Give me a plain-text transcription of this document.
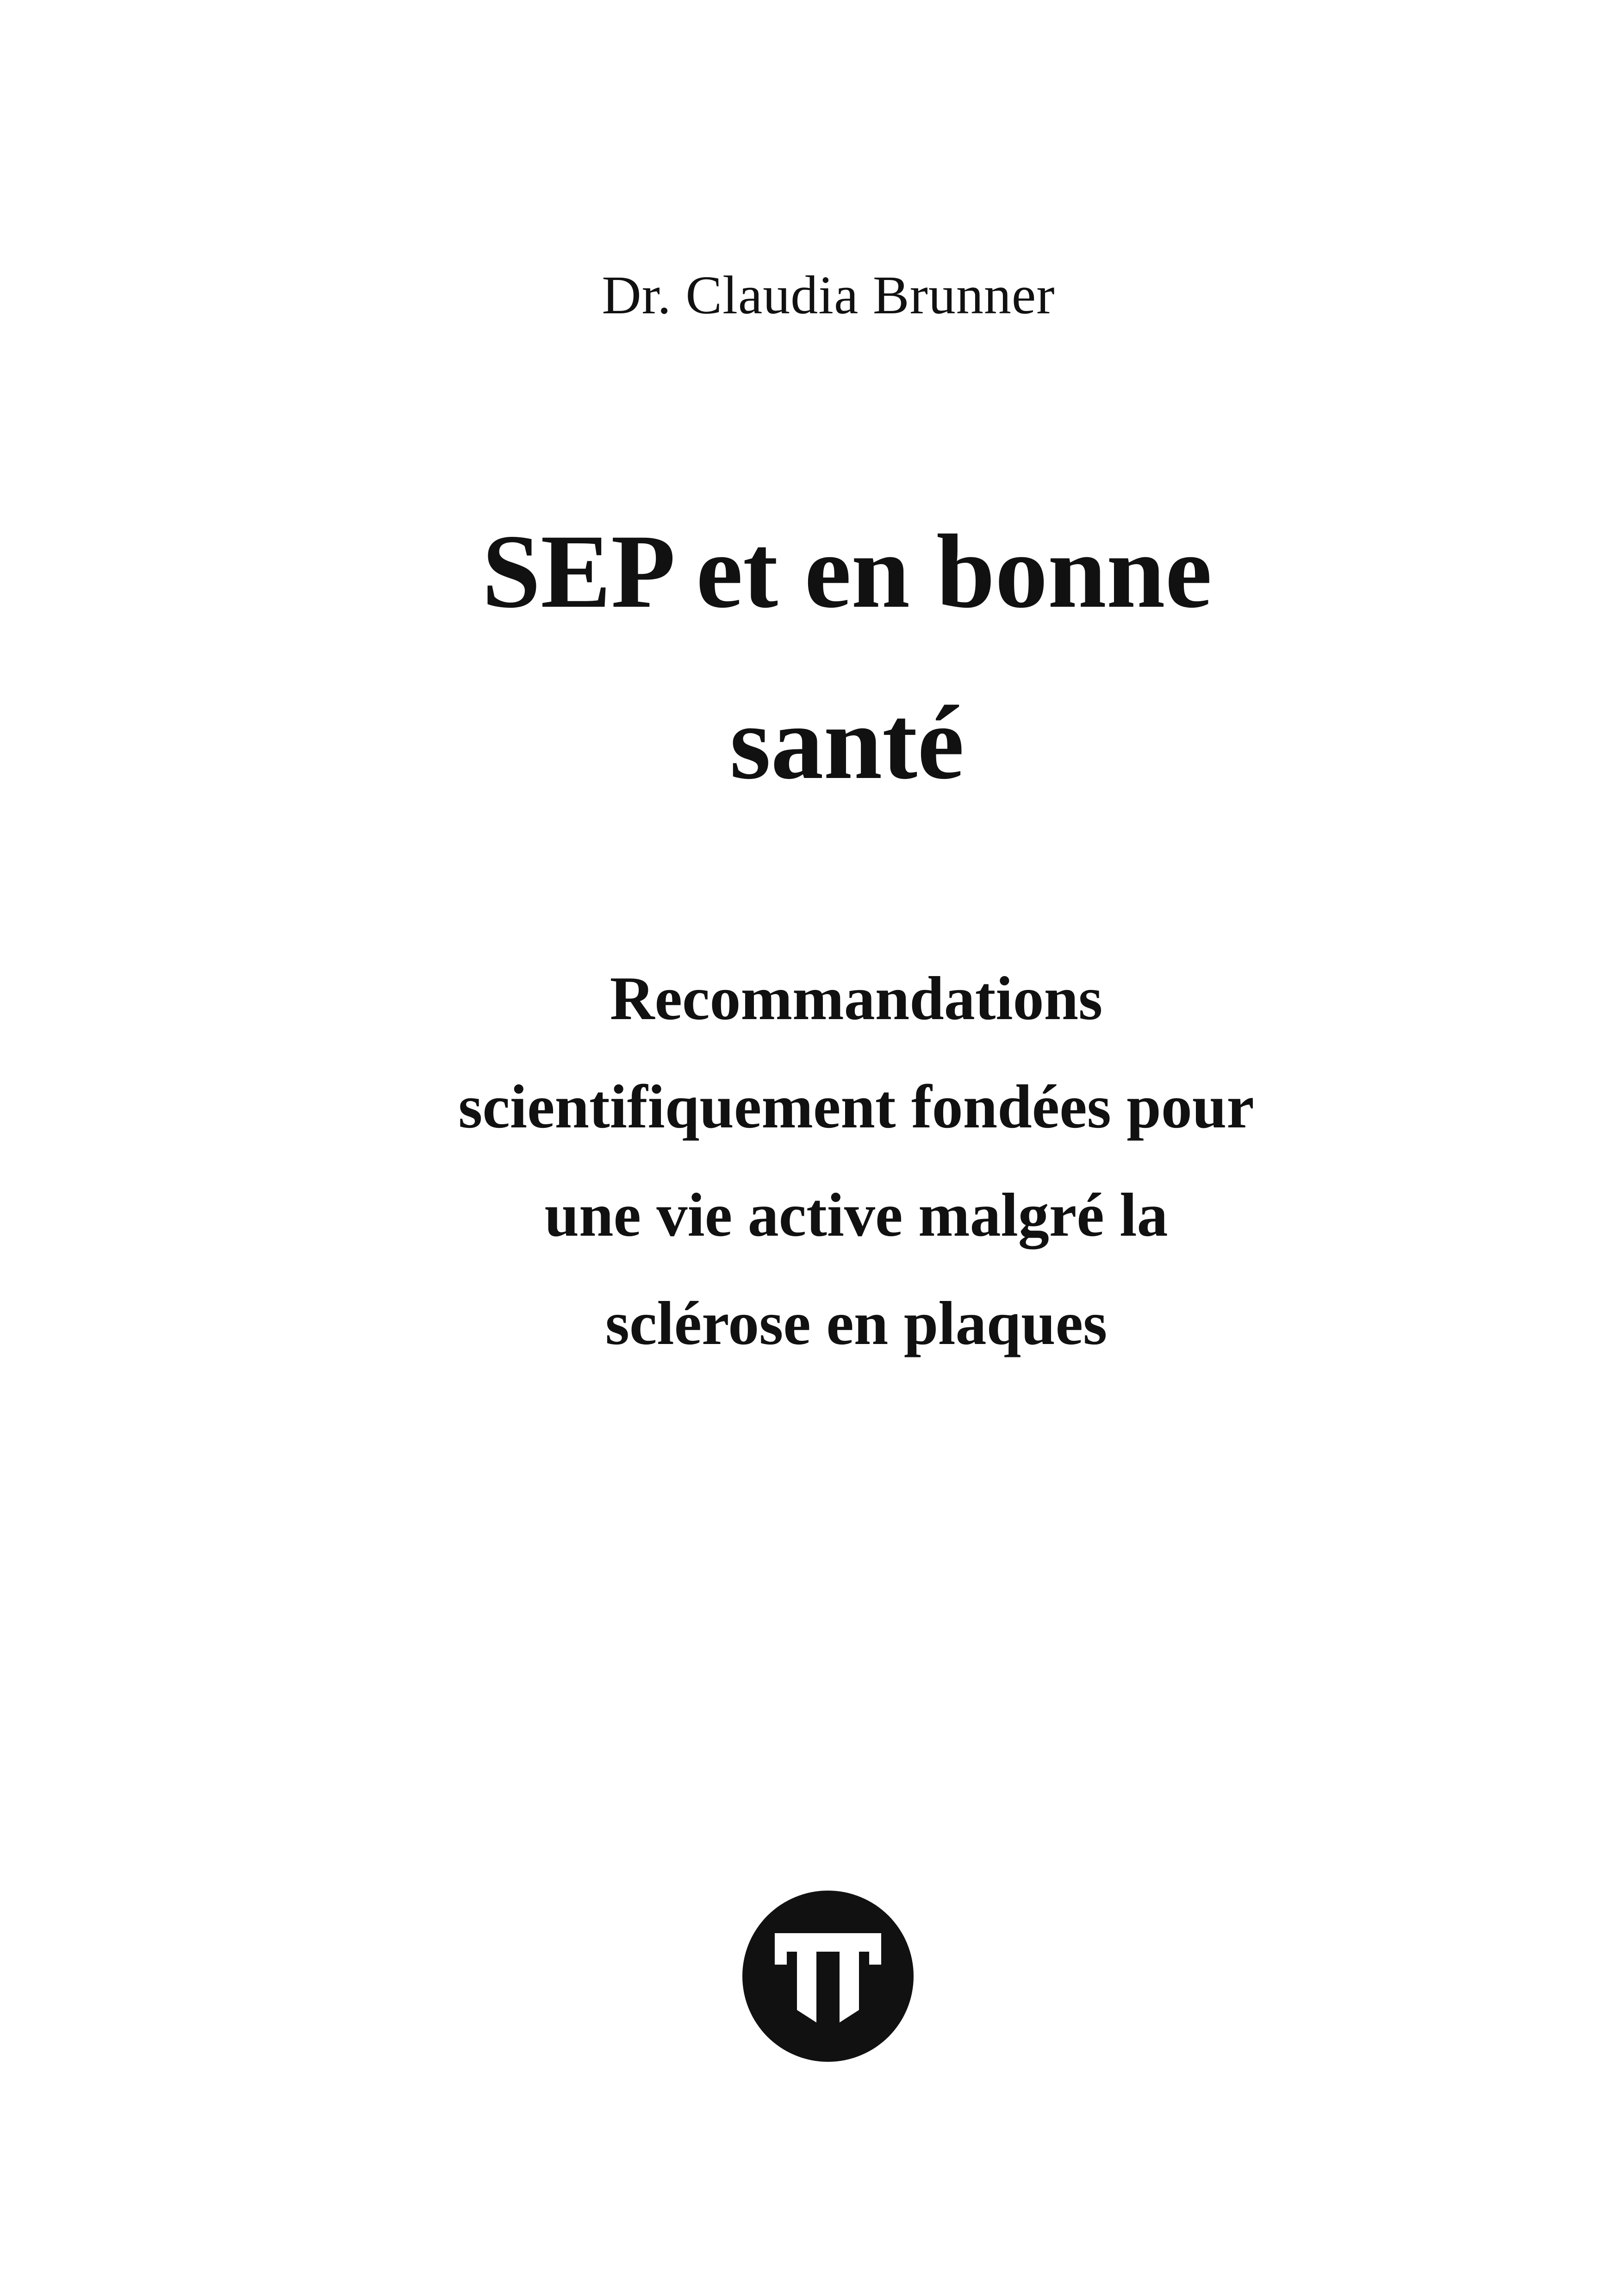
Dr. Claudia Brunner
SEP et en bonne
santé
Recommandations
scientifiquement fondées pour
une vie active malgré la
sclérose en plaques
